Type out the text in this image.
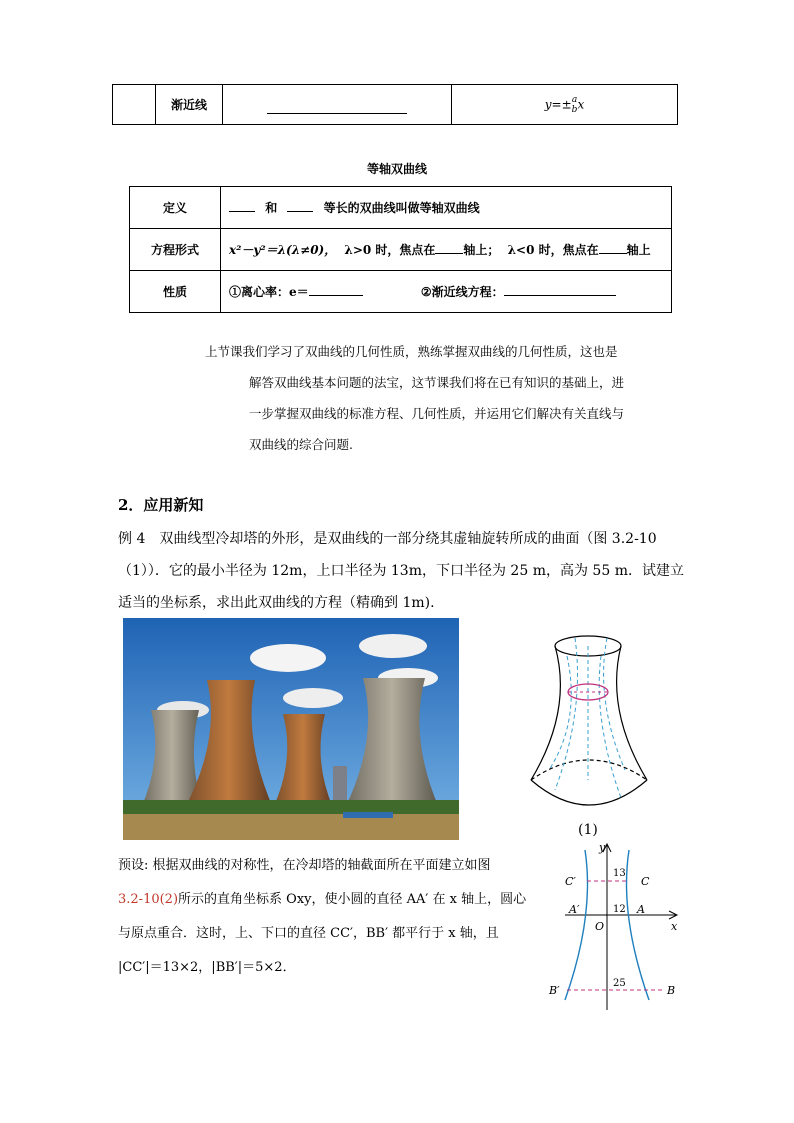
	渐近线		y=±a
bx
等轴双曲线
定义	和 等长的双曲线叫做等轴双曲线
方程形式	x²－y²＝λ(λ≠0)， λ>0 时，焦点在 轴上； λ<0 时，焦点在 轴上
性质	①离心率：e＝ ②渐近线方程：
上节课我们学习了双曲线的几何性质，熟练掌握双曲线的几何性质，这也是
解答双曲线基本问题的法宝，这节课我们将在已有知识的基础上，进
一步掌握双曲线的标准方程、几何性质，并运用它们解决有关直线与
双曲线的综合问题.
2．应用新知
例 4　双曲线型冷却塔的外形，是双曲线的一部分绕其虚轴旋转所成的曲面（图 3.2-10
（1））．它的最小半径为 12m，上口半径为 13m，下口半径为 25 m，高为 55 m．试建立
适当的坐标系，求出此双曲线的方程（精确到 1m).
(1)
y
x
O
C′	C
A′	A
B′	B
13
12
25
预设: 根据双曲线的对称性，在冷却塔的轴截面所在平面建立如图
3.2-10(2)所示的直角坐标系 Oxy，使小圆的直径 AA′ 在 x 轴上，圆心
与原点重合．这时，上、下口的直径 CC′，BB′ 都平行于 x 轴，且
|CC′|＝13×2，|BB′|＝5×2．
